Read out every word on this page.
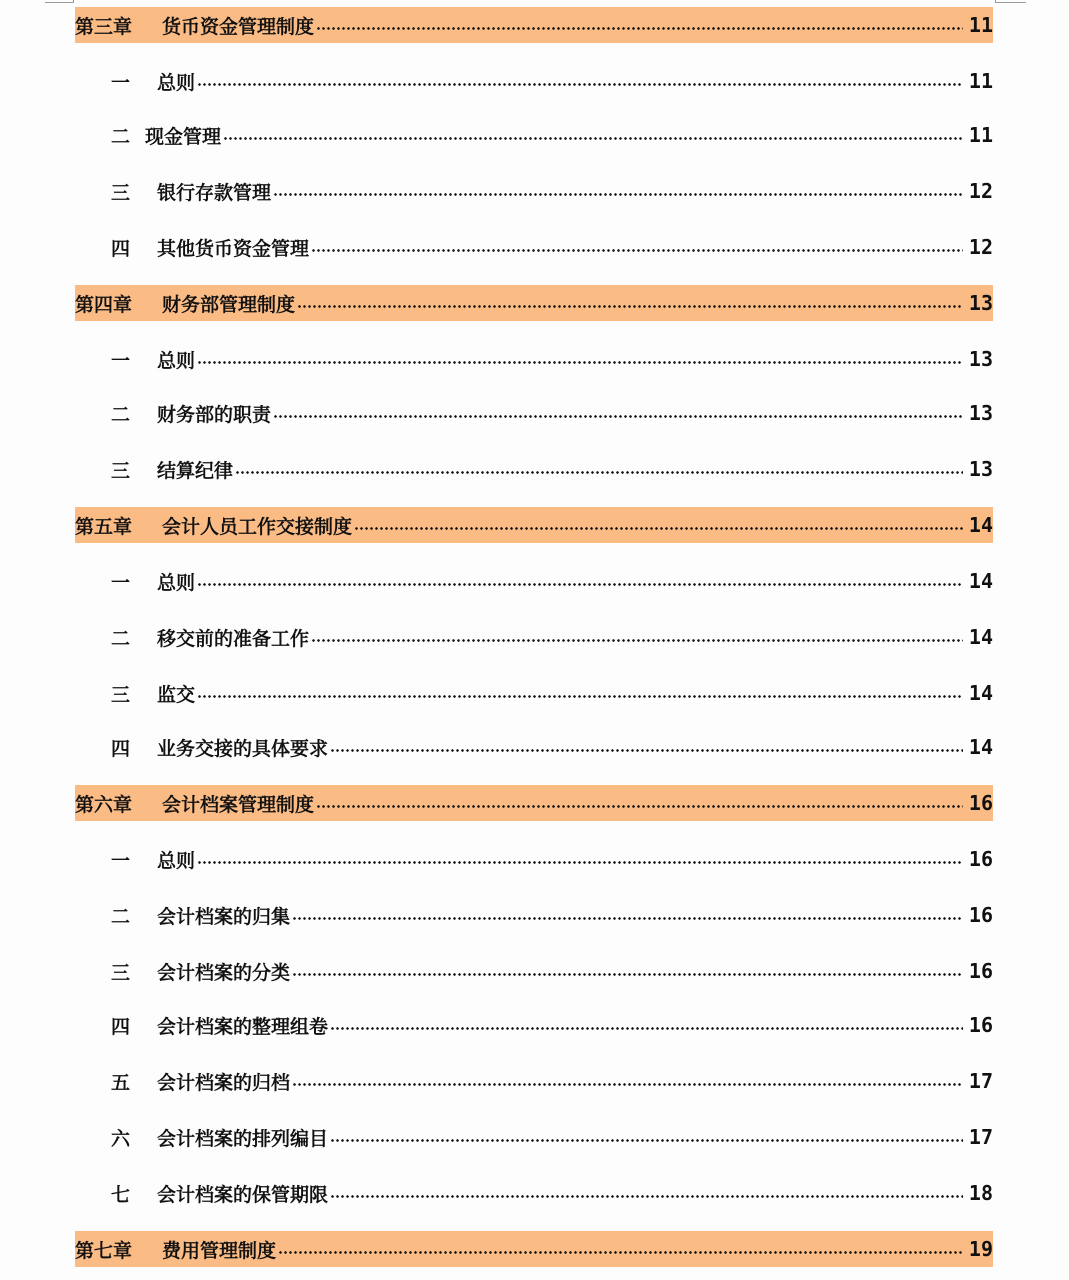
第三章	货币资金管理制度	11
一	总则	11
二 现金管理	11
三	银行存款管理	12
四	其他货币资金管理	12
第四章	财务部管理制度	13
一	总则	13
二	财务部的职责	13
三	结算纪律	13
第五章	会计人员工作交接制度	14
一	总则	14
二	移交前的准备工作	14
三	监交	14
四	业务交接的具体要求	14
第六章	会计档案管理制度	16
一	总则	16
二	会计档案的归集	16
三	会计档案的分类	16
四	会计档案的整理组卷	16
五	会计档案的归档	17
六	会计档案的排列编目	17
七	会计档案的保管期限	18
第七章	费用管理制度	19
